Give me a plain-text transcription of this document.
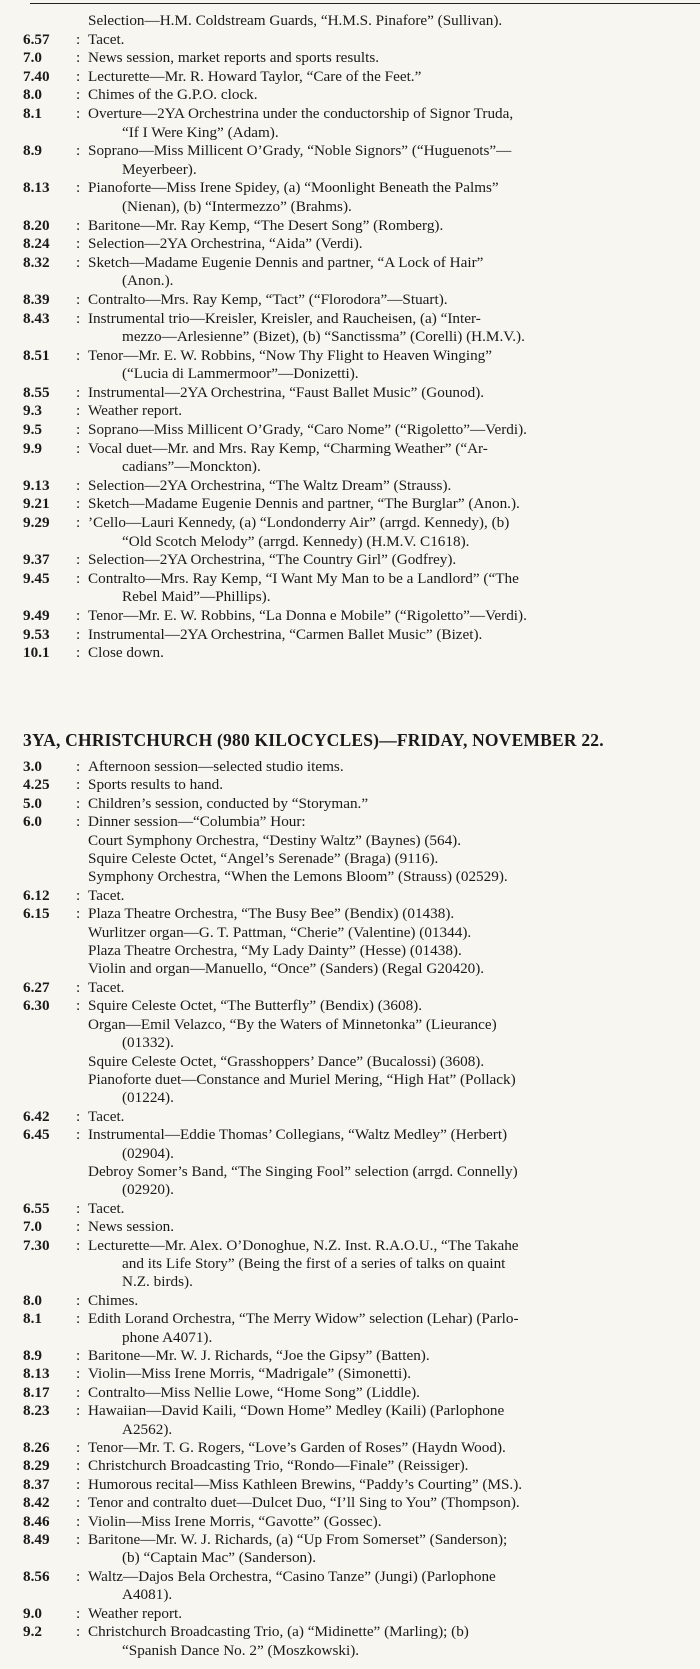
Selection—H.M. Coldstream Guards, “H.M.S. Pinafore” (Sullivan).
6.57	: Tacet.
7.0	: News session, market reports and sports results.
7.40	: Lecturette—Mr. R. Howard Taylor, “Care of the Feet.”
8.0	: Chimes of the G.P.O. clock.
8.1	: Overture—2YA Orchestrina under the conductorship of Signor Truda,
“If I Were King” (Adam).
8.9	: Soprano—Miss Millicent O’Grady, “Noble Signors” (“Huguenots”—
Meyerbeer).
8.13	: Pianoforte—Miss Irene Spidey, (a) “Moonlight Beneath the Palms”
(Nienan), (b) “Intermezzo” (Brahms).
8.20	: Baritone—Mr. Ray Kemp, “The Desert Song” (Romberg).
8.24	: Selection—2YA Orchestrina, “Aida” (Verdi).
8.32	: Sketch—Madame Eugenie Dennis and partner, “A Lock of Hair”
(Anon.).
8.39	: Contralto—Mrs. Ray Kemp, “Tact” (“Florodora”—Stuart).
8.43	: Instrumental trio—Kreisler, Kreisler, and Raucheisen, (a) “Inter-
mezzo—Arlesienne” (Bizet), (b) “Sanctissma” (Corelli) (H.M.V.).
8.51	: Tenor—Mr. E. W. Robbins, “Now Thy Flight to Heaven Winging”
(“Lucia di Lammermoor”—Donizetti).
8.55	: Instrumental—2YA Orchestrina, “Faust Ballet Music” (Gounod).
9.3	: Weather report.
9.5	: Soprano—Miss Millicent O’Grady, “Caro Nome” (“Rigoletto”—Verdi).
9.9	: Vocal duet—Mr. and Mrs. Ray Kemp, “Charming Weather” (“Ar-
cadians”—Monckton).
9.13	: Selection—2YA Orchestrina, “The Waltz Dream” (Strauss).
9.21	: Sketch—Madame Eugenie Dennis and partner, “The Burglar” (Anon.).
9.29	: ’Cello—Lauri Kennedy, (a) “Londonderry Air” (arrgd. Kennedy), (b)
“Old Scotch Melody” (arrgd. Kennedy) (H.M.V. C1618).
9.37	: Selection—2YA Orchestrina, “The Country Girl” (Godfrey).
9.45	: Contralto—Mrs. Ray Kemp, “I Want My Man to be a Landlord” (“The
Rebel Maid”—Phillips).
9.49	: Tenor—Mr. E. W. Robbins, “La Donna e Mobile” (“Rigoletto”—Verdi).
9.53	: Instrumental—2YA Orchestrina, “Carmen Ballet Music” (Bizet).
10.1	: Close down.
3YA, CHRISTCHURCH (980 KILOCYCLES)—FRIDAY, NOVEMBER 22.
3.0	: Afternoon session—selected studio items.
4.25	: Sports results to hand.
5.0	: Children’s session, conducted by “Storyman.”
6.0	: Dinner session—“Columbia” Hour:
Court Symphony Orchestra, “Destiny Waltz” (Baynes) (564).
Squire Celeste Octet, “Angel’s Serenade” (Braga) (9116).
Symphony Orchestra, “When the Lemons Bloom” (Strauss) (02529).
6.12	: Tacet.
6.15	: Plaza Theatre Orchestra, “The Busy Bee” (Bendix) (01438).
Wurlitzer organ—G. T. Pattman, “Cherie” (Valentine) (01344).
Plaza Theatre Orchestra, “My Lady Dainty” (Hesse) (01438).
Violin and organ—Manuello, “Once” (Sanders) (Regal G20420).
6.27	: Tacet.
6.30	: Squire Celeste Octet, “The Butterfly” (Bendix) (3608).
Organ—Emil Velazco, “By the Waters of Minnetonka” (Lieurance)
(01332).
Squire Celeste Octet, “Grasshoppers’ Dance” (Bucalossi) (3608).
Pianoforte duet—Constance and Muriel Mering, “High Hat” (Pollack)
(01224).
6.42	: Tacet.
6.45	: Instrumental—Eddie Thomas’ Collegians, “Waltz Medley” (Herbert)
(02904).
Debroy Somer’s Band, “The Singing Fool” selection (arrgd. Connelly)
(02920).
6.55	: Tacet.
7.0	: News session.
7.30	: Lecturette—Mr. Alex. O’Donoghue, N.Z. Inst. R.A.O.U., “The Takahe
and its Life Story” (Being the first of a series of talks on quaint
N.Z. birds).
8.0	: Chimes.
8.1	: Edith Lorand Orchestra, “The Merry Widow” selection (Lehar) (Parlo-
phone A4071).
8.9	: Baritone—Mr. W. J. Richards, “Joe the Gipsy” (Batten).
8.13	: Violin—Miss Irene Morris, “Madrigale” (Simonetti).
8.17	: Contralto—Miss Nellie Lowe, “Home Song” (Liddle).
8.23	: Hawaiian—David Kaili, “Down Home” Medley (Kaili) (Parlophone
A2562).
8.26	: Tenor—Mr. T. G. Rogers, “Love’s Garden of Roses” (Haydn Wood).
8.29	: Christchurch Broadcasting Trio, “Rondo—Finale” (Reissiger).
8.37	: Humorous recital—Miss Kathleen Brewins, “Paddy’s Courting” (MS.).
8.42	: Tenor and contralto duet—Dulcet Duo, “I’ll Sing to You” (Thompson).
8.46	: Violin—Miss Irene Morris, “Gavotte” (Gossec).
8.49	: Baritone—Mr. W. J. Richards, (a) “Up From Somerset” (Sanderson);
(b) “Captain Mac” (Sanderson).
8.56	: Waltz—Dajos Bela Orchestra, “Casino Tanze” (Jungi) (Parlophone
A4081).
9.0	: Weather report.
9.2	: Christchurch Broadcasting Trio, (a) “Midinette” (Marling); (b)
“Spanish Dance No. 2” (Moszkowski).
